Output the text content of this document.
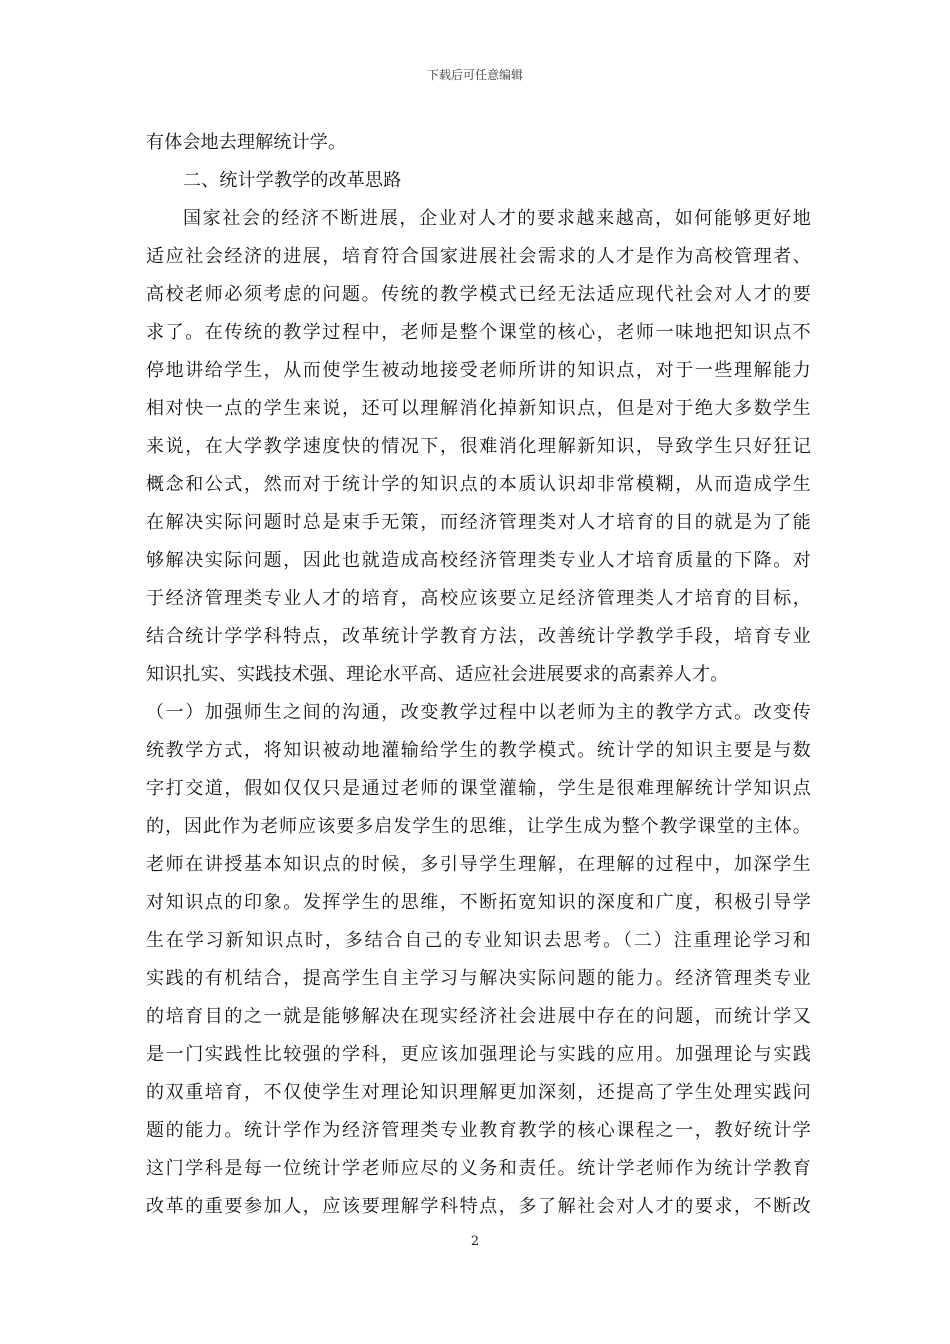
下载后可任意编辑
有体会地去理解统计学。
二、统计学教学的改革思路
国家社会的经济不断进展，企业对人才的要求越来越高，如何能够更好地
适应社会经济的进展，培育符合国家进展社会需求的人才是作为高校管理者、
高校老师必须考虑的问题。传统的教学模式已经无法适应现代社会对人才的要
求了。在传统的教学过程中，老师是整个课堂的核心，老师一味地把知识点不
停地讲给学生，从而使学生被动地接受老师所讲的知识点，对于一些理解能力
相对快一点的学生来说，还可以理解消化掉新知识点，但是对于绝大多数学生
来说，在大学教学速度快的情况下，很难消化理解新知识，导致学生只好狂记
概念和公式，然而对于统计学的知识点的本质认识却非常模糊，从而造成学生
在解决实际问题时总是束手无策，而经济管理类对人才培育的目的就是为了能
够解决实际问题，因此也就造成高校经济管理类专业人才培育质量的下降。对
于经济管理类专业人才的培育，高校应该要立足经济管理类人才培育的目标，
结合统计学学科特点，改革统计学教育方法，改善统计学教学手段，培育专业
知识扎实、实践技术强、理论水平高、适应社会进展要求的高素养人才。
（一）加强师生之间的沟通，改变教学过程中以老师为主的教学方式。改变传
统教学方式，将知识被动地灌输给学生的教学模式。统计学的知识主要是与数
字打交道，假如仅仅只是通过老师的课堂灌输，学生是很难理解统计学知识点
的，因此作为老师应该要多启发学生的思维，让学生成为整个教学课堂的主体。
老师在讲授基本知识点的时候，多引导学生理解，在理解的过程中，加深学生
对知识点的印象。发挥学生的思维，不断拓宽知识的深度和广度，积极引导学
生在学习新知识点时，多结合自己的专业知识去思考。（二）注重理论学习和
实践的有机结合，提高学生自主学习与解决实际问题的能力。经济管理类专业
的培育目的之一就是能够解决在现实经济社会进展中存在的问题，而统计学又
是一门实践性比较强的学科，更应该加强理论与实践的应用。加强理论与实践
的双重培育，不仅使学生对理论知识理解更加深刻，还提高了学生处理实践问
题的能力。统计学作为经济管理类专业教育教学的核心课程之一，教好统计学
这门学科是每一位统计学老师应尽的义务和责任。统计学老师作为统计学教育
改革的重要参加人，应该要理解学科特点，多了解社会对人才的要求，不断改
2
